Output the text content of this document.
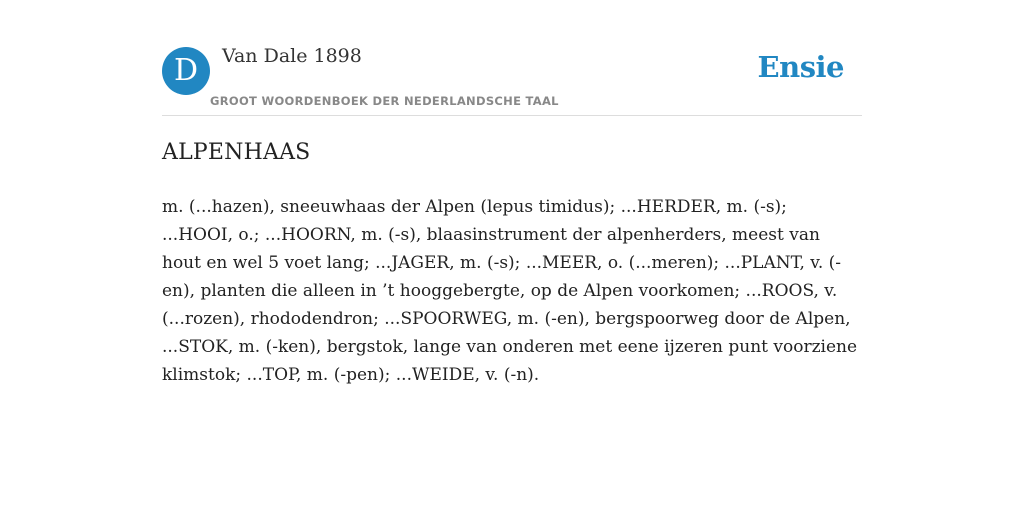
D	Van Dale 1898
GROOT WOORDENBOEK DER NEDERLANDSCHE TAAL
Ensie
ALPENHAAS

m. (...hazen), sneeuwhaas der Alpen (lepus timidus); ...HERDER, m. (-s); ...HOOI, o.; ...HOORN, m. (-s), blaasinstrument der alpenherders, meest van hout en wel 5 voet lang; ...JAGER, m. (-s); ...MEER, o. (...meren); ...PLANT, v. (-en), planten die alleen in ’t hooggebergte, op de Alpen voorkomen; ...ROOS, v. (...rozen), rhododendron; ...SPOORWEG, m. (-en), bergspoorweg door de Alpen, ...STOK, m. (-ken), bergstok, lange van onderen met eene ijzeren punt voorziene klimstok; ...TOP, m. (-pen); ...WEIDE, v. (-n).
